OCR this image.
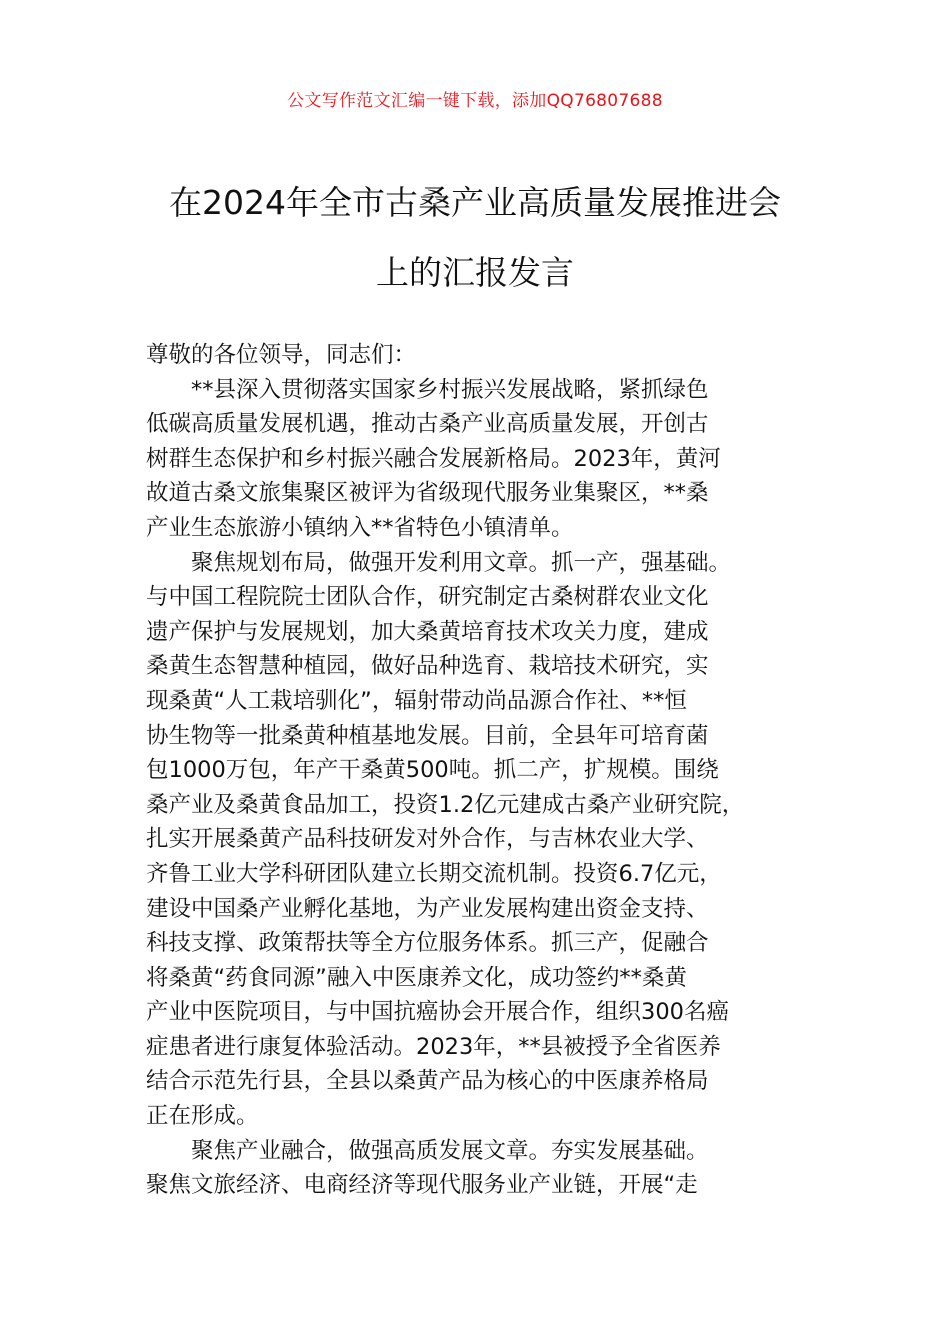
公文写作范文汇编一键下载，添加QQ76807688
在2024年全市古桑产业高质量发展推进会
上的汇报发言
尊敬的各位领导，同志们：
**县深入贯彻落实国家乡村振兴发展战略，紧抓绿色
低碳高质量发展机遇，推动古桑产业高质量发展，开创古
树群生态保护和乡村振兴融合发展新格局。2023年，黄河
故道古桑文旅集聚区被评为省级现代服务业集聚区，**桑
产业生态旅游小镇纳入**省特色小镇清单。
聚焦规划布局，做强开发利用文章。抓一产，强基础。
与中国工程院院士团队合作，研究制定古桑树群农业文化
遗产保护与发展规划，加大桑黄培育技术攻关力度，建成
桑黄生态智慧种植园，做好品种选育、栽培技术研究，实
现桑黄“人工栽培驯化”，辐射带动尚品源合作社、**恒
协生物等一批桑黄种植基地发展。目前，全县年可培育菌
包1000万包，年产干桑黄500吨。抓二产，扩规模。围绕
桑产业及桑黄食品加工，投资1.2亿元建成古桑产业研究院，
扎实开展桑黄产品科技研发对外合作，与吉林农业大学、
齐鲁工业大学科研团队建立长期交流机制。投资6.7亿元，
建设中国桑产业孵化基地，为产业发展构建出资金支持、
科技支撑、政策帮扶等全方位服务体系。抓三产，促融合
将桑黄“药食同源”融入中医康养文化，成功签约**桑黄
产业中医院项目，与中国抗癌协会开展合作，组织300名癌
症患者进行康复体验活动。2023年，**县被授予全省医养
结合示范先行县，全县以桑黄产品为核心的中医康养格局
正在形成。
聚焦产业融合，做强高质发展文章。夯实发展基础。
聚焦文旅经济、电商经济等现代服务业产业链，开展“走
